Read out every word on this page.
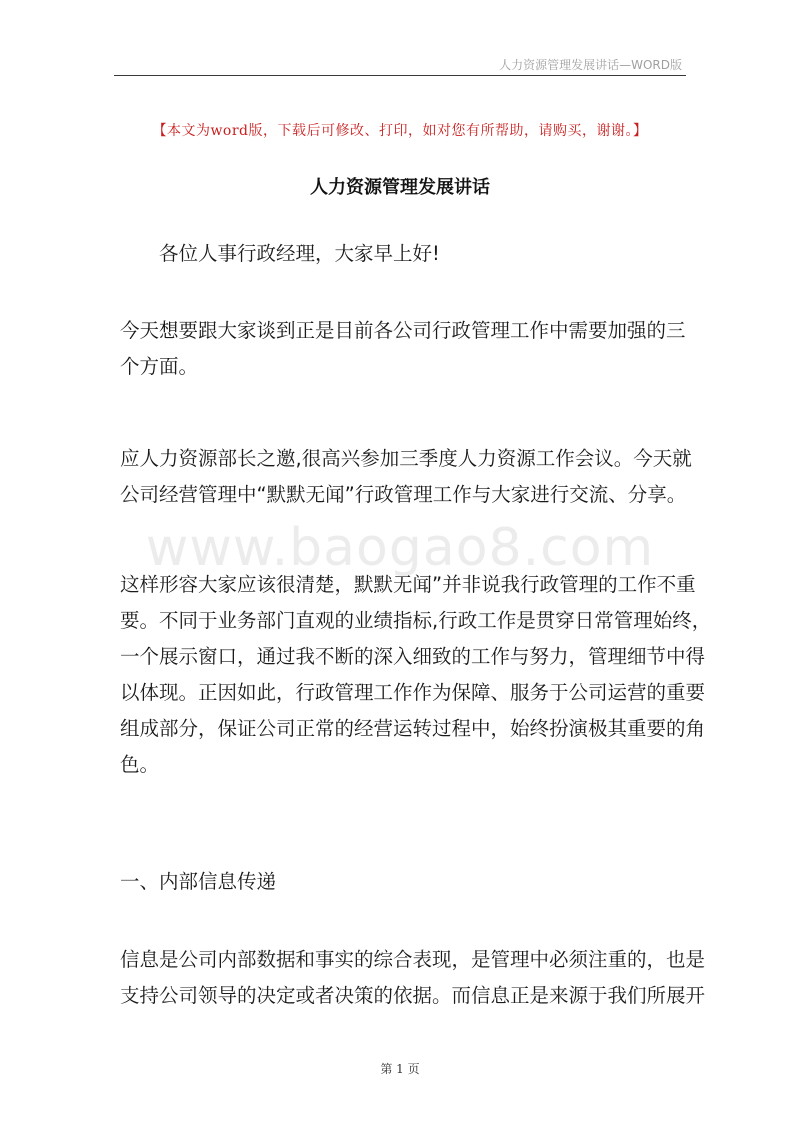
人力资源管理发展讲话—WORD版
【本文为word版，下载后可修改、打印，如对您有所帮助，请购买，谢谢。】
人力资源管理发展讲话
www.baogao8.com
　　各位人事行政经理，大家早上好!
今天想要跟大家谈到正是目前各公司行政管理工作中需要加强的三
个方面。
应人力资源部长之邀,很高兴参加三季度人力资源工作会议。今天就
公司经营管理中“默默无闻”行政管理工作与大家进行交流、分享。
这样形容大家应该很清楚，默默无闻”并非说我行政管理的工作不重
要。不同于业务部门直观的业绩指标,行政工作是贯穿日常管理始终，
一个展示窗口，通过我不断的深入细致的工作与努力，管理细节中得
以体现。正因如此，行政管理工作作为保障、服务于公司运营的重要
组成部分，保证公司正常的经营运转过程中，始终扮演极其重要的角
色。
一、内部信息传递
信息是公司内部数据和事实的综合表现，是管理中必须注重的，也是
支持公司领导的决定或者决策的依据。而信息正是来源于我们所展开
第 1 页
